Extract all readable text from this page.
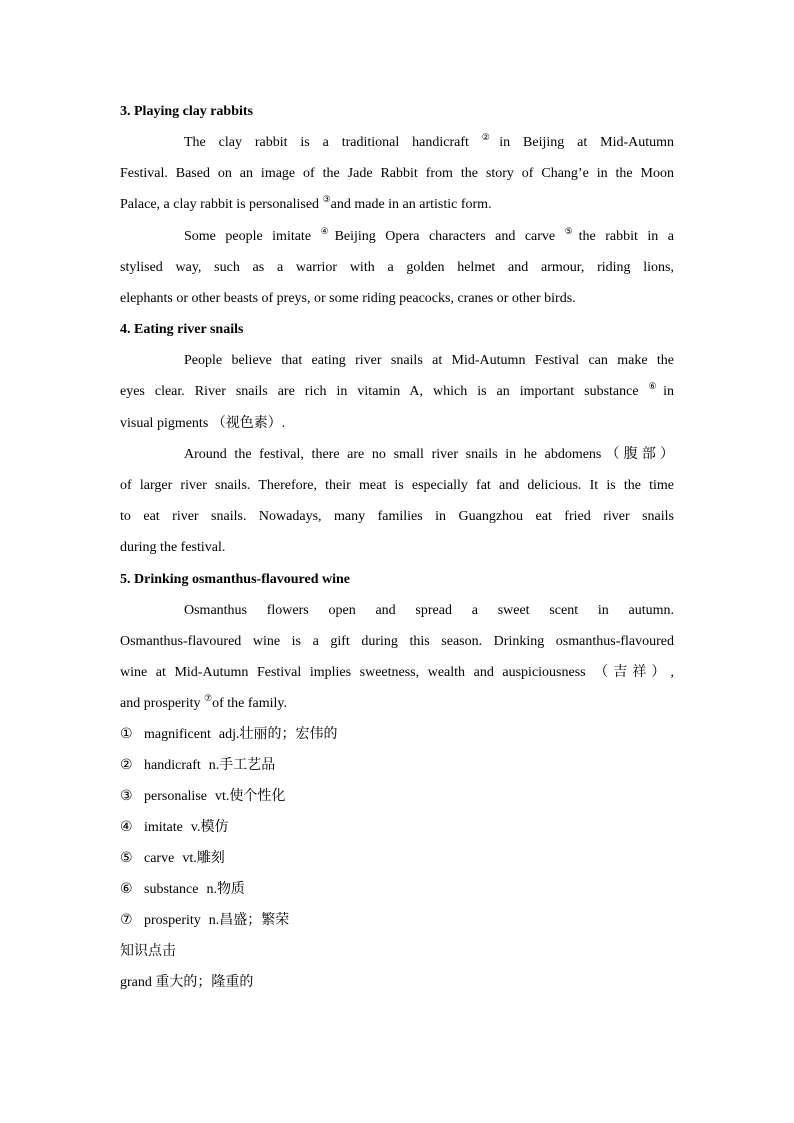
3. Playing clay rabbits
The clay rabbit is a traditional handicraft ②in Beijing at Mid-Autumn
Festival. Based on an image of the Jade Rabbit from the story of Chang’e in the Moon
Palace, a clay rabbit is personalised ③and made in an artistic form.
Some people imitate ④Beijing Opera characters and carve ⑤the rabbit in a
stylised way, such as a warrior with a golden helmet and armour, riding lions,
elephants or other beasts of preys, or some riding peacocks, cranes or other birds.
4. Eating river snails
People believe that eating river snails at Mid-Autumn Festival can make the
eyes clear. River snails are rich in vitamin A, which is an important substance ⑥in
visual pigments （视色素）.
Around the festival, there are no small river snails in he abdomens（腹部）
of larger river snails. Therefore, their meat is especially fat and delicious. It is the time
to eat river snails. Nowadays, many families in Guangzhou eat fried river snails
during the festival.
5. Drinking osmanthus-flavoured wine
Osmanthus flowers open and spread a sweet scent in autumn.
Osmanthus-flavoured wine is a gift during this season. Drinking osmanthus-flavoured
wine at Mid-Autumn Festival implies sweetness, wealth and auspiciousness （吉祥）,
and prosperity ⑦of the family.
① magnificent adj.壮丽的；宏伟的
② handicraft n.手工艺品
③ personalise vt.使个性化
④ imitate v.模仿
⑤ carve vt.雕刻
⑥ substance n.物质
⑦ prosperity n.昌盛；繁荣
知识点击
grand 重大的；隆重的
